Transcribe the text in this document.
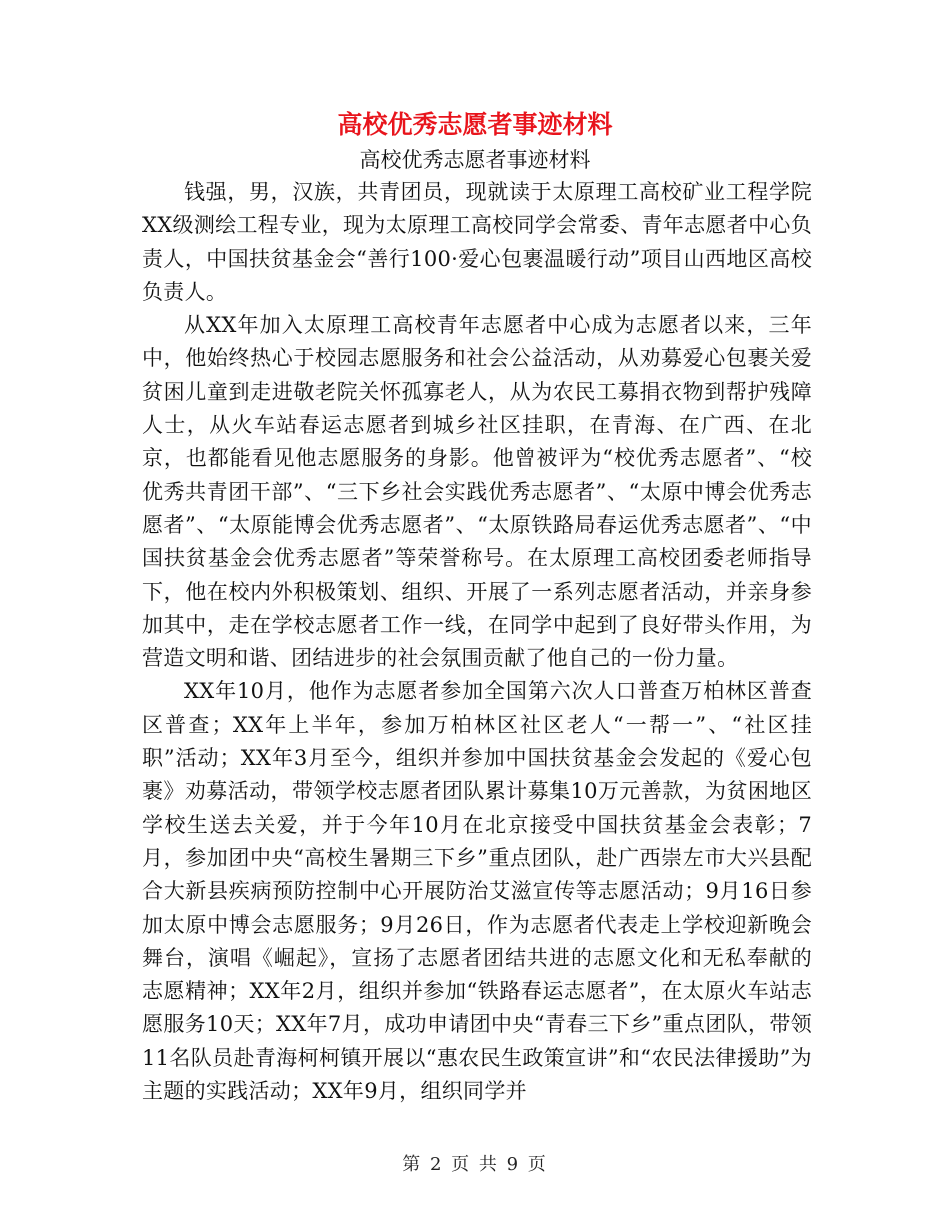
高校优秀志愿者事迹材料
高校优秀志愿者事迹材料

钱强，男，汉族，共青团员，现就读于太原理工高校矿业工程学院XX级测绘工程专业，现为太原理工高校同学会常委、青年志愿者中心负责人，中国扶贫基金会“善行100·爱心包裹温暖行动”项目山西地区高校负责人。

从XX年加入太原理工高校青年志愿者中心成为志愿者以来，三年中，他始终热心于校园志愿服务和社会公益活动，从劝募爱心包裹关爱贫困儿童到走进敬老院关怀孤寡老人，从为农民工募捐衣物到帮护残障人士，从火车站春运志愿者到城乡社区挂职，在青海、在广西、在北京，也都能看见他志愿服务的身影。他曾被评为“校优秀志愿者”、“校优秀共青团干部”、“三下乡社会实践优秀志愿者”、“太原中博会优秀志愿者”、“太原能博会优秀志愿者”、“太原铁路局春运优秀志愿者”、“中国扶贫基金会优秀志愿者”等荣誉称号。在太原理工高校团委老师指导下，他在校内外积极策划、组织、开展了一系列志愿者活动，并亲身参加其中，走在学校志愿者工作一线，在同学中起到了良好带头作用，为营造文明和谐、团结进步的社会氛围贡献了他自己的一份力量。

XX年10月，他作为志愿者参加全国第六次人口普查万柏林区普查区普查；XX年上半年，参加万柏林区社区老人“一帮一”、“社区挂职”活动；XX年3月至今，组织并参加中国扶贫基金会发起的《爱心包裹》劝募活动，带领学校志愿者团队累计募集10万元善款，为贫困地区学校生送去关爱，并于今年10月在北京接受中国扶贫基金会表彰；7月，参加团中央“高校生暑期三下乡”重点团队，赴广西崇左市大兴县配合大新县疾病预防控制中心开展防治艾滋宣传等志愿活动；9月16日参加太原中博会志愿服务；9月26日，作为志愿者代表走上学校迎新晚会舞台，演唱《崛起》，宣扬了志愿者团结共进的志愿文化和无私奉献的志愿精神；XX年2月，组织并参加“铁路春运志愿者”，在太原火车站志愿服务10天；XX年7月，成功申请团中央“青春三下乡”重点团队，带领11名队员赴青海柯柯镇开展以“惠农民生政策宣讲”和“农民法律援助”为主题的实践活动；XX年9月，组织同学并

第 2 页 共 9 页
